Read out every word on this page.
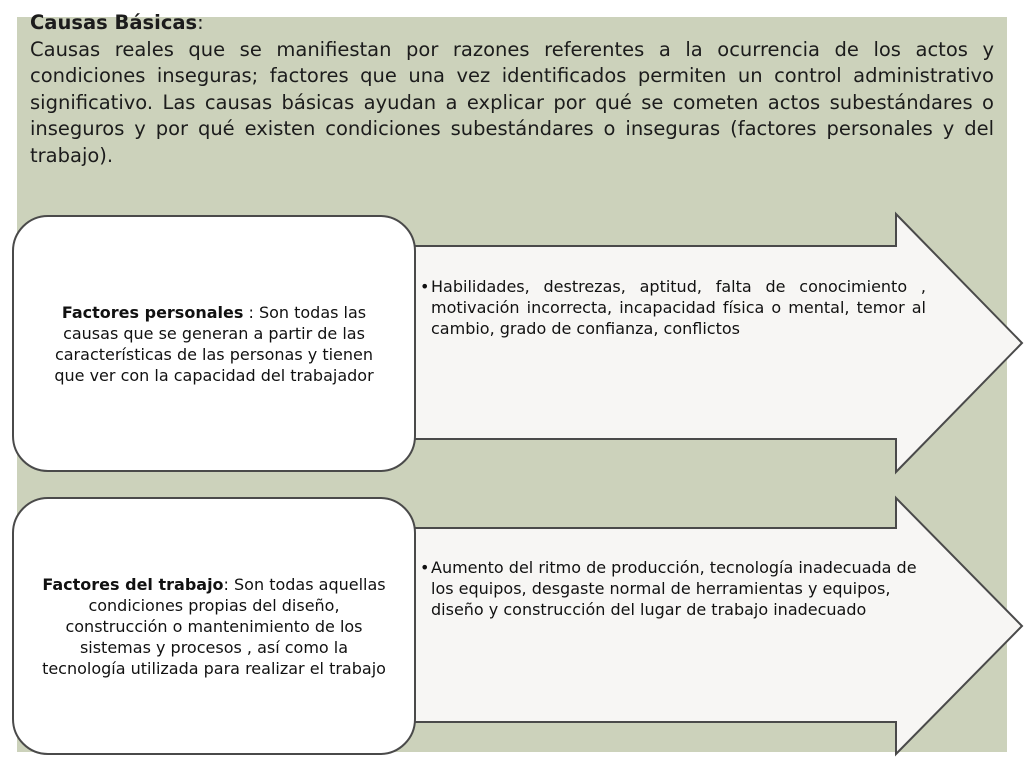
Causas Básicas:
Causas reales que se manifiestan por razones referentes a la ocurrencia de los actos y condiciones inseguras; factores que una vez identificados permiten un control administrativo significativo. Las causas básicas ayudan a explicar por qué se cometen actos subestándares o inseguros y por qué existen condiciones subestándares o inseguras (factores personales y del trabajo).
Factores personales : Son todas las causas que se generan a partir de las características de las personas y tienen que ver con la capacidad del trabajador
• Habilidades, destrezas, aptitud, falta de conocimiento , motivación incorrecta, incapacidad física o mental, temor al cambio, grado de confianza, conflictos
Factores del trabajo: Son todas aquellas condiciones propias del diseño, construcción o mantenimiento de los sistemas y procesos , así como la tecnología utilizada para realizar el trabajo
• Aumento del ritmo de producción, tecnología inadecuada de los equipos, desgaste normal de herramientas y equipos, diseño y construcción del lugar de trabajo inadecuado
